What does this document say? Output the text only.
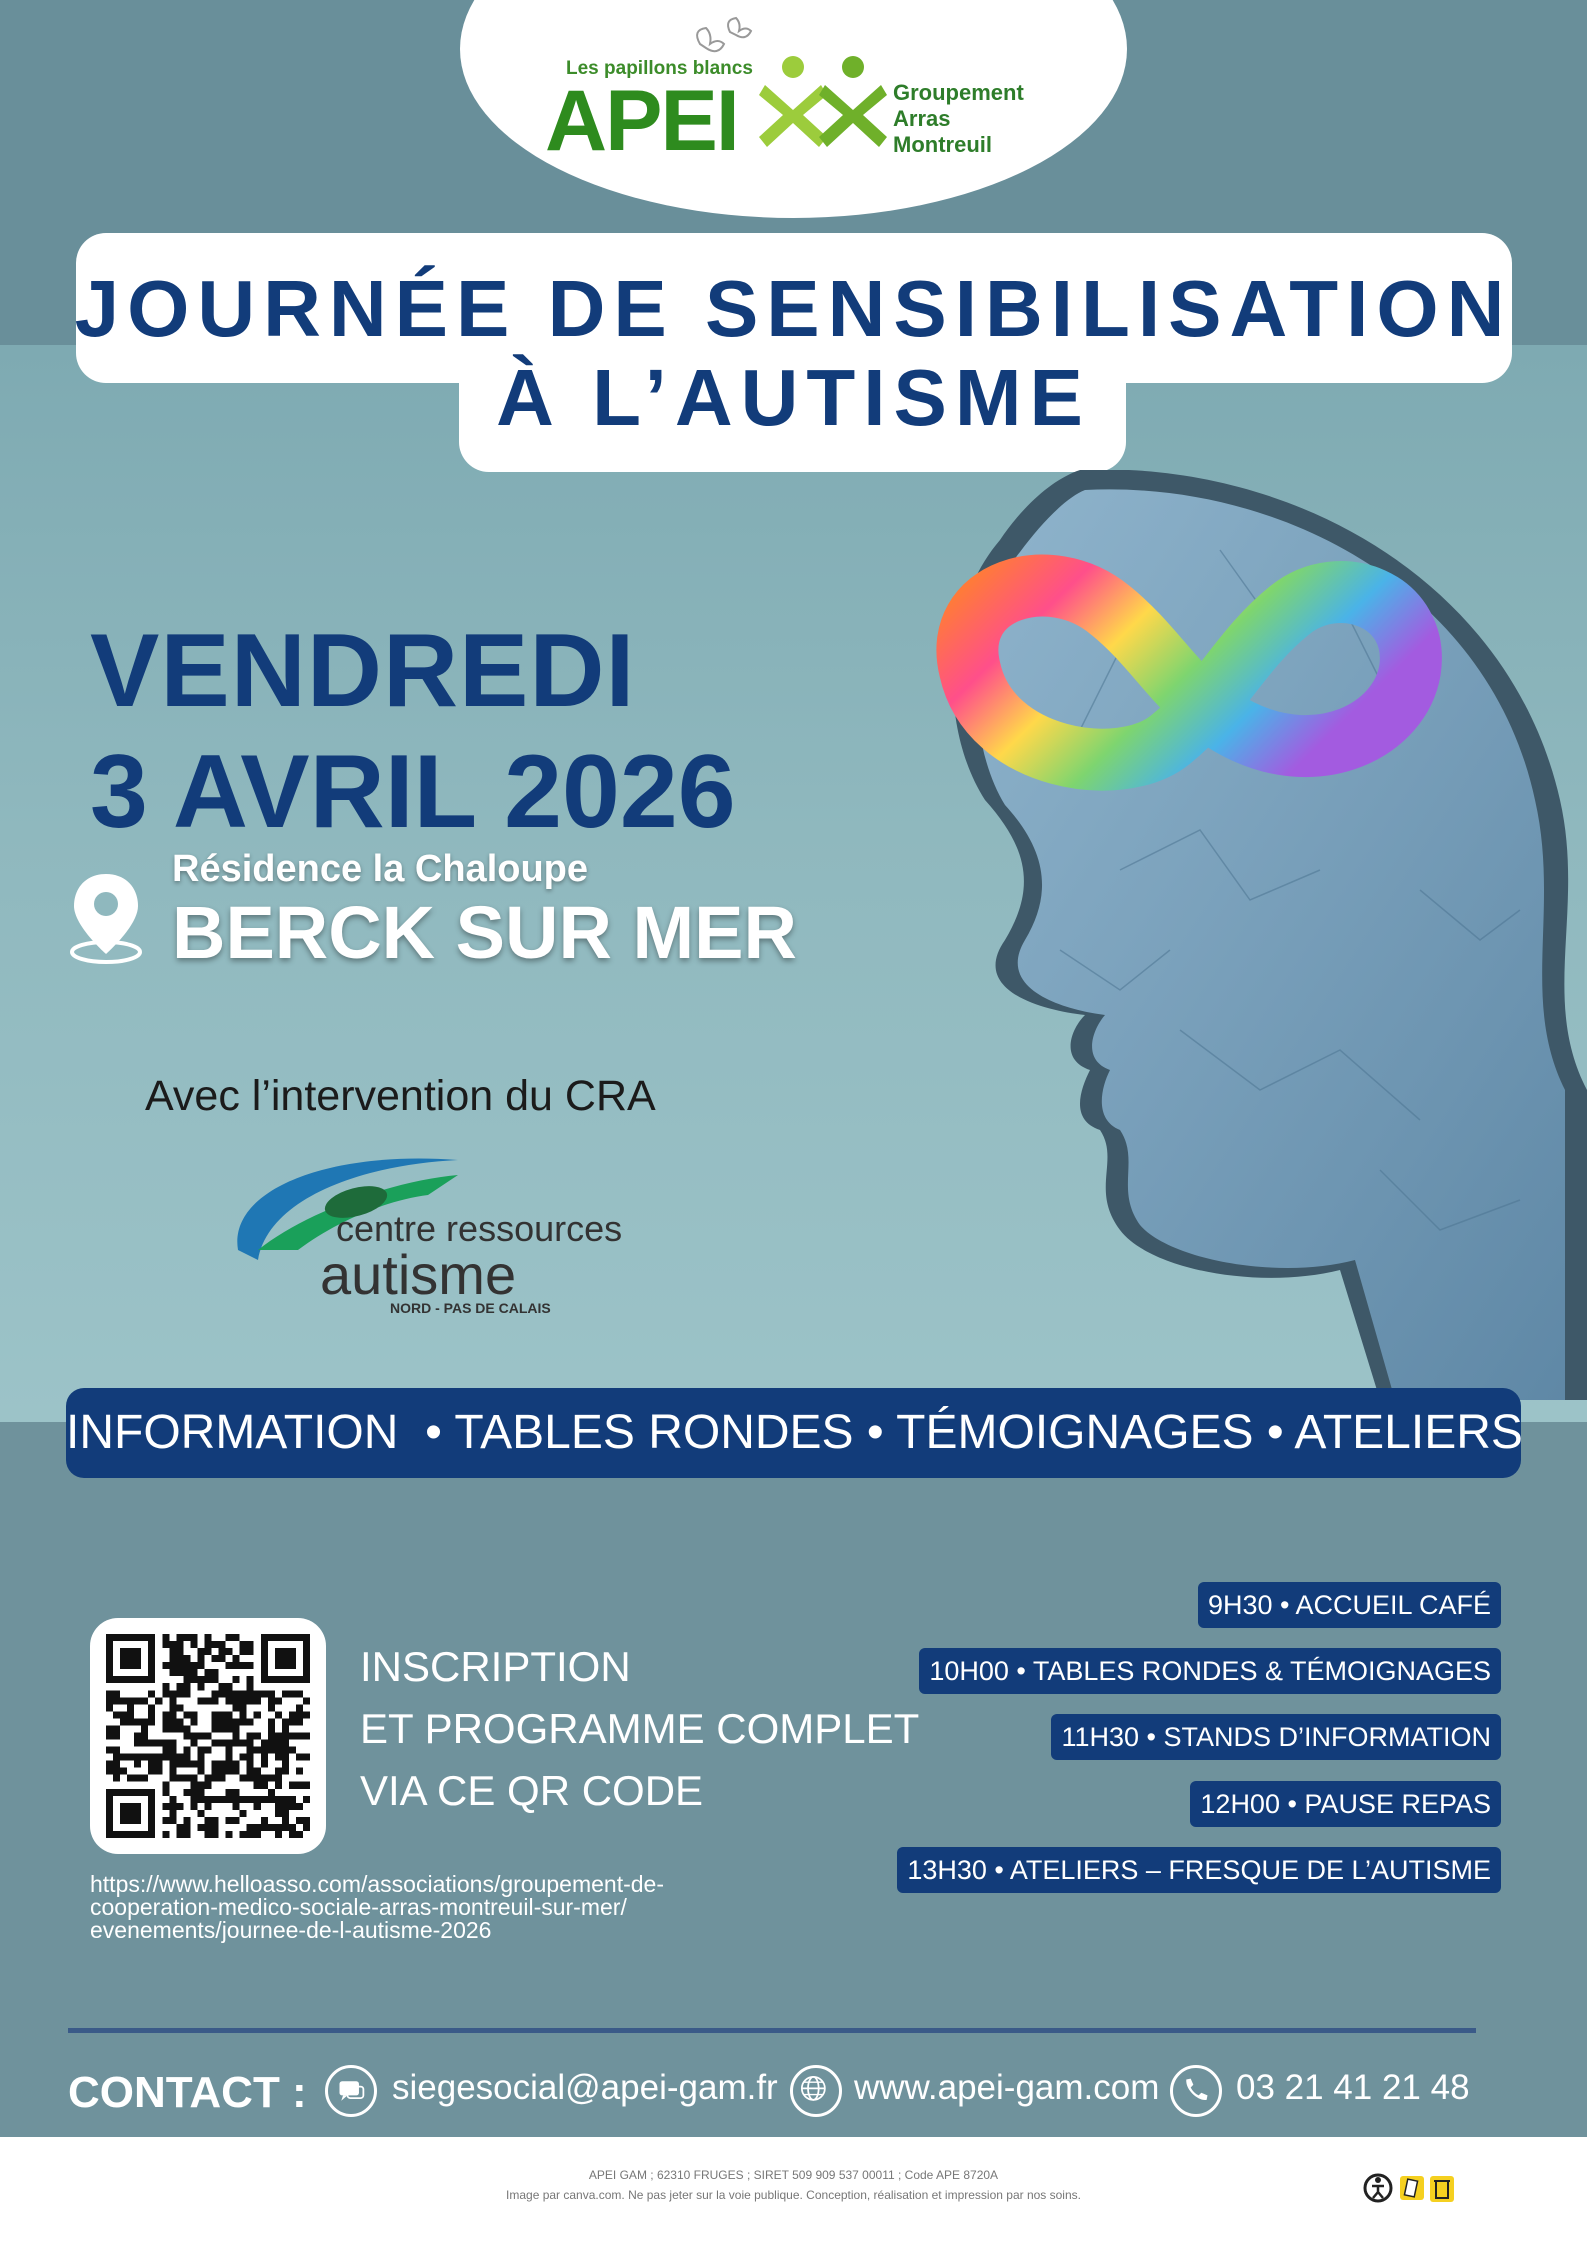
Les papillons blancs
APEI	Groupement
Arras
Montreuil
JOURNÉE DE SENSIBILISATION
À L’AUTISME
VENDREDI
3 AVRIL 2026
Résidence la Chaloupe
BERCK SUR MER
Avec l’intervention du CRA
centre ressources
autisme
NORD - PAS DE CALAIS
INFORMATION  • TABLES RONDES • TÉMOIGNAGES • ATELIERS
INSCRIPTION
ET PROGRAMME COMPLET
VIA CE QR CODE
https://www.helloasso.com/associations/groupement-de-
cooperation-medico-sociale-arras-montreuil-sur-mer/
evenements/journee-de-l-autisme-2026
9H30 • ACCUEIL CAFÉ
10H00 • TABLES RONDES & TÉMOIGNAGES
11H30 • STANDS D’INFORMATION
12H00 • PAUSE REPAS
13H30 • ATELIERS – FRESQUE DE L’AUTISME
CONTACT : siegesocial@apei-gam.fr www.apei-gam.com 03 21 41 21 48
APEI GAM ; 62310 FRUGES ; SIRET 509 909 537 00011 ; Code APE 8720A
Image par canva.com. Ne pas jeter sur la voie publique. Conception, réalisation et impression par nos soins.
